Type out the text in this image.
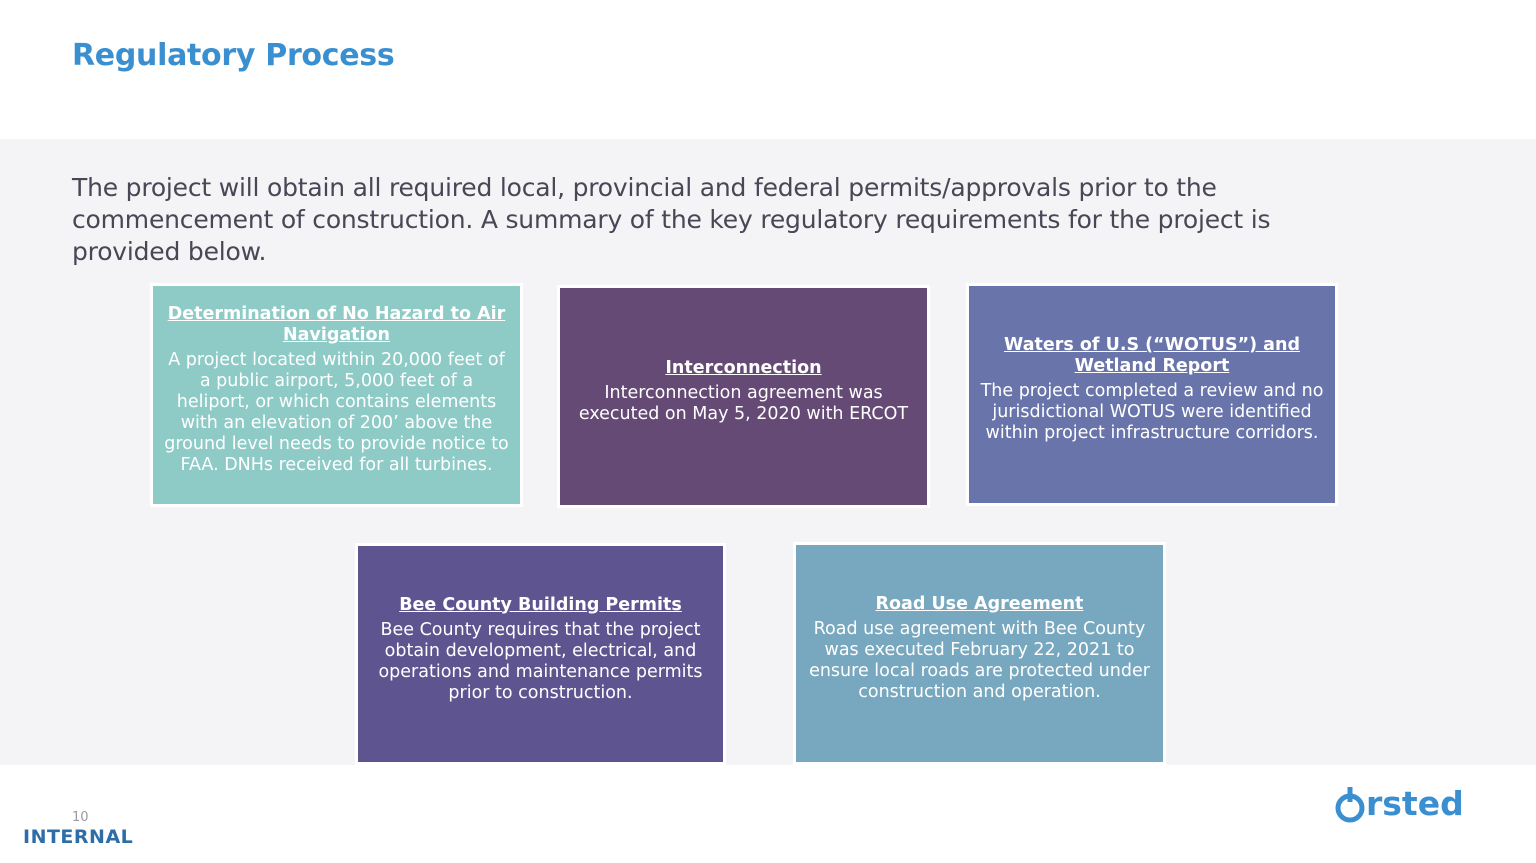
Regulatory Process

The project will obtain all required local, provincial and federal permits/approvals prior to the commencement of construction. A summary of the key regulatory requirements for the project is provided below.

Determination of No Hazard to Air Navigation

A project located within 20,000 feet of a public airport, 5,000 feet of a heliport, or which contains elements with an elevation of 200’ above the ground level needs to provide notice to FAA. DNHs received for all turbines.

Interconnection

Interconnection agreement was executed on May 5, 2020 with ERCOT

Waters of U.S (“WOTUS”) and Wetland Report

The project completed a review and no jurisdictional WOTUS were identified within project infrastructure corridors.

Bee County Building Permits

Bee County requires that the project obtain development, electrical, and operations and maintenance permits prior to construction.

Road Use Agreement

Road use agreement with Bee County was executed February 22, 2021 to ensure local roads are protected under construction and operation.

10
INTERNAL
rsted
